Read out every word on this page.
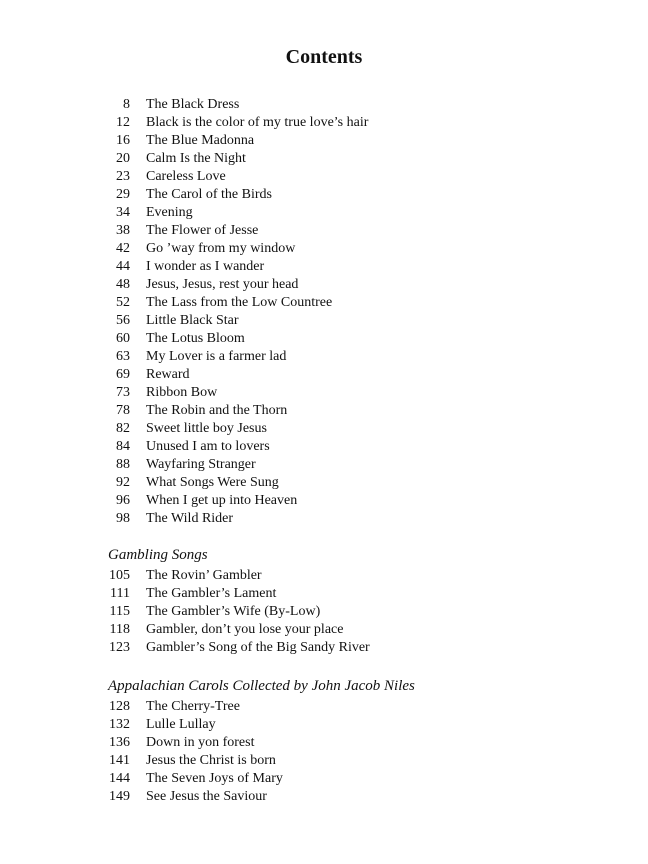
Contents
8 The Black Dress
12 Black is the color of my true love’s hair
16 The Blue Madonna
20 Calm Is the Night
23 Careless Love
29 The Carol of the Birds
34 Evening
38 The Flower of Jesse
42 Go ’way from my window
44 I wonder as I wander
48 Jesus, Jesus, rest your head
52 The Lass from the Low Countree
56 Little Black Star
60 The Lotus Bloom
63 My Lover is a farmer lad
69 Reward
73 Ribbon Bow
78 The Robin and the Thorn
82 Sweet little boy Jesus
84 Unused I am to lovers
88 Wayfaring Stranger
92 What Songs Were Sung
96 When I get up into Heaven
98 The Wild Rider
Gambling Songs
105 The Rovin’ Gambler
111 The Gambler’s Lament
115 The Gambler’s Wife (By-Low)
118 Gambler, don’t you lose your place
123 Gambler’s Song of the Big Sandy River
Appalachian Carols Collected by John Jacob Niles
128 The Cherry-Tree
132 Lulle Lullay
136 Down in yon forest
141 Jesus the Christ is born
144 The Seven Joys of Mary
149 See Jesus the Saviour
